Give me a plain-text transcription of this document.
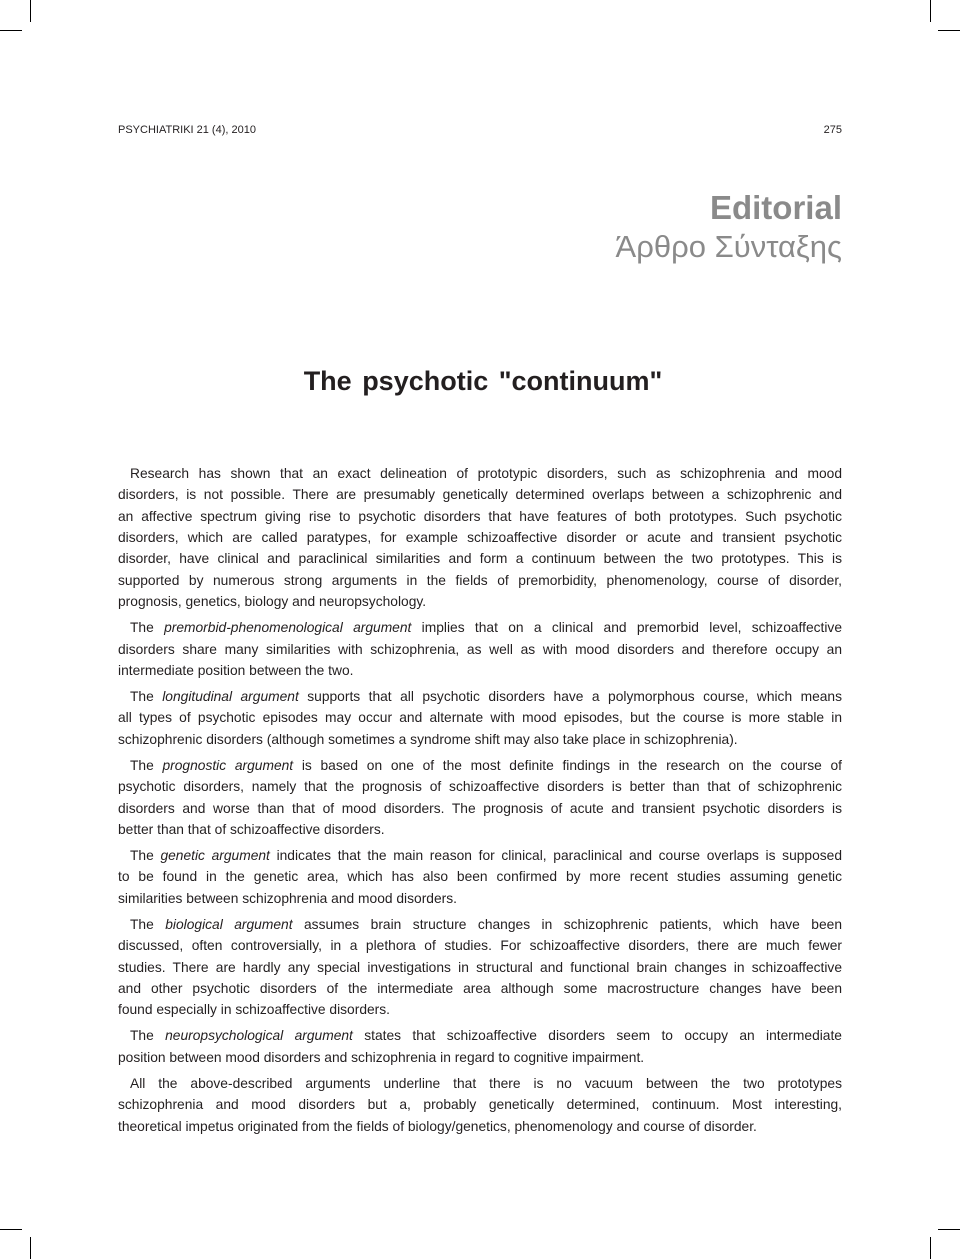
PSYCHIATRIKI 21 (4), 2010	275
Editorial
Άρθρο Σύνταξης
The psychotic "continuum"
Research has shown that an exact delineation of prototypic disorders, such as schizophrenia and mood
disorders, is not possible. There are presumably genetically determined overlaps between a schizophrenic and
an affective spectrum giving rise to psychotic disorders that have features of both prototypes. Such psychotic
disorders, which are called paratypes, for example schizoaffective disorder or acute and transient psychotic
disorder, have clinical and paraclinical similarities and form a continuum between the two prototypes. This is
supported by numerous strong arguments in the fields of premorbidity, phenomenology, course of disorder,
prognosis, genetics, biology and neuropsychology.
The premorbid-phenomenological argument implies that on a clinical and premorbid level, schizoaffective
disorders share many similarities with schizophrenia, as well as with mood disorders and therefore occupy an
intermediate position between the two.
The longitudinal argument supports that all psychotic disorders have a polymorphous course, which means
all types of psychotic episodes may occur and alternate with mood episodes, but the course is more stable in
schizophrenic disorders (although sometimes a syndrome shift may also take place in schizophrenia).
The prognostic argument is based on one of the most definite findings in the research on the course of
psychotic disorders, namely that the prognosis of schizoaffective disorders is better than that of schizophrenic
disorders and worse than that of mood disorders. The prognosis of acute and transient psychotic disorders is
better than that of schizoaffective disorders.
The genetic argument indicates that the main reason for clinical, paraclinical and course overlaps is supposed
to be found in the genetic area, which has also been confirmed by more recent studies assuming genetic
similarities between schizophrenia and mood disorders.
The biological argument assumes brain structure changes in schizophrenic patients, which have been
discussed, often controversially, in a plethora of studies. For schizoaffective disorders, there are much fewer
studies. There are hardly any special investigations in structural and functional brain changes in schizoaffective
and other psychotic disorders of the intermediate area although some macrostructure changes have been
found especially in schizoaffective disorders.
The neuropsychological argument states that schizoaffective disorders seem to occupy an intermediate
position between mood disorders and schizophrenia in regard to cognitive impairment.
All the above-described arguments underline that there is no vacuum between the two prototypes
schizophrenia and mood disorders but a, probably genetically determined, continuum. Most interesting,
theoretical impetus originated from the fields of biology/genetics, phenomenology and course of disorder.
